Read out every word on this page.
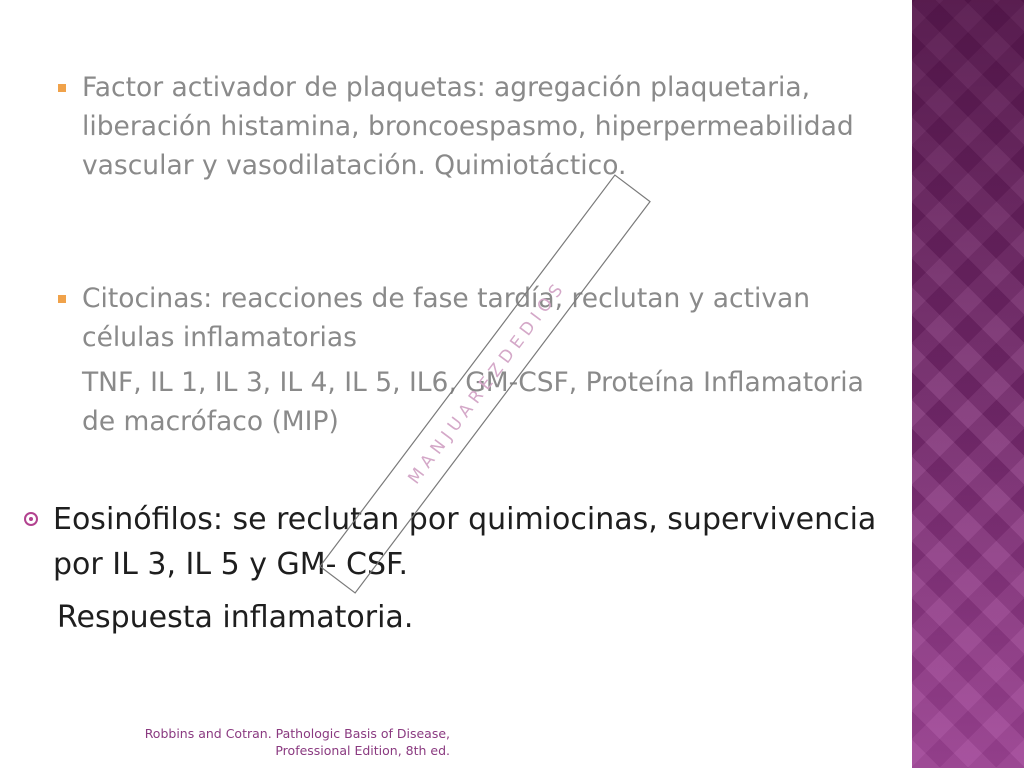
Factor activador de plaquetas: agregación plaquetaria, liberación histamina, broncoespasmo, hiperpermeabilidad vascular y vasodilatación. Quimiotáctico.
Citocinas: reacciones de fase tardía, reclutan y activan células inflamatorias
TNF, IL 1, IL 3, IL 4, IL 5, IL6, GM-CSF, Proteína Inflamatoria de macrófaco (MIP)
Eosinófilos: se reclutan por quimiocinas, supervivencia por IL 3, IL 5 y GM- CSF.
Respuesta inflamatoria.
Robbins and Cotran. Pathologic Basis of Disease, Professional Edition, 8th ed.
M A N J U A R E Z D E D I O S
